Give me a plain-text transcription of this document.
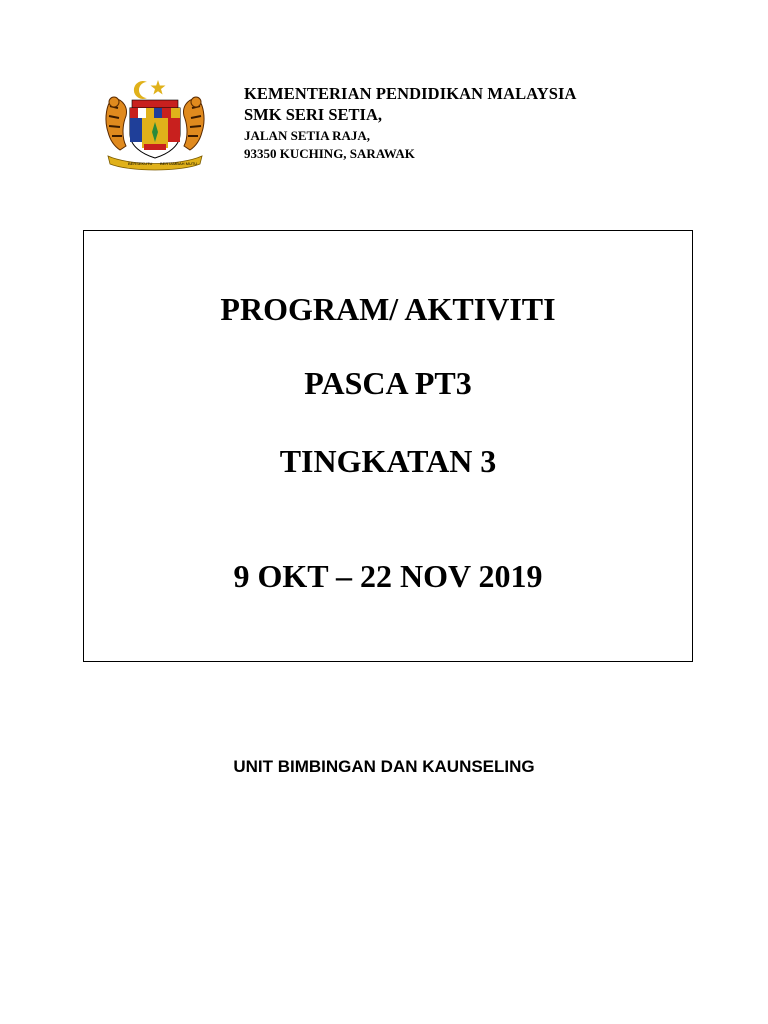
BERSEKUTU BERTAMBAH MUTU
KEMENTERIAN PENDIDIKAN MALAYSIA
SMK SERI SETIA,
JALAN SETIA RAJA,
93350 KUCHING, SARAWAK
PROGRAM/ AKTIVITI
PASCA PT3
TINGKATAN 3
9 OKT – 22 NOV 2019
UNIT BIMBINGAN DAN KAUNSELING
